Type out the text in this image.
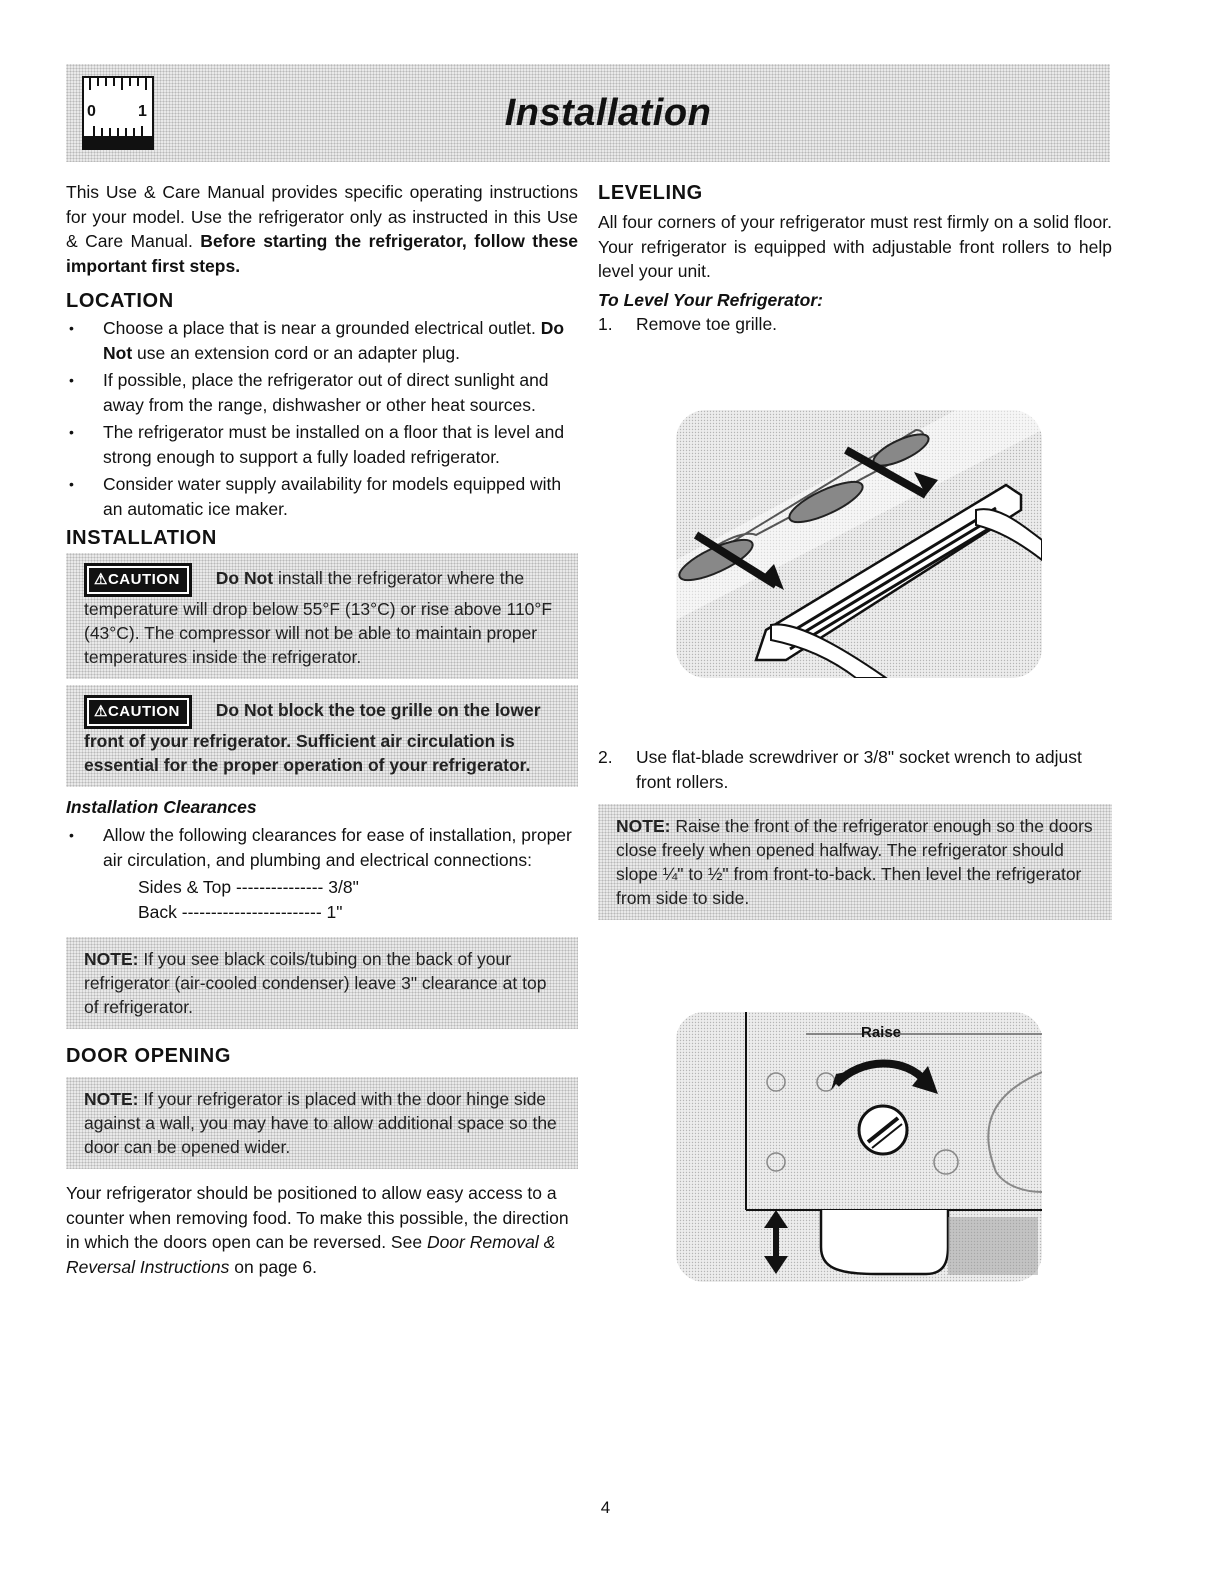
0	1	Installation

This Use & Care Manual provides specific operating instructions for your model. Use the refrigerator only as instructed in this Use & Care Manual. Before starting the refrigerator, follow these important first steps.

LOCATION
• Choose a place that is near a grounded electrical outlet. Do Not use an extension cord or an adapter plug.
• If possible, place the refrigerator out of direct sunlight and away from the range, dishwasher or other heat sources.
• The refrigerator must be installed on a floor that is level and strong enough to support a fully loaded refrigerator.
• Consider water supply availability for models equipped with an automatic ice maker.
INSTALLATION
⚠CAUTION Do Not install the refrigerator where the temperature will drop below 55°F (13°C) or rise above 110°F (43°C). The compressor will not be able to maintain proper temperatures inside the refrigerator.
⚠CAUTION Do Not block the toe grille on the lower front of your refrigerator. Sufficient air circulation is essential for the proper operation of your refrigerator.
Installation Clearances
• Allow the following clearances for ease of installation, proper air circulation, and plumbing and electrical connections:
Sides & Top --------------- 3/8"
Back ------------------------ 1"
NOTE: If you see black coils/tubing on the back of your refrigerator (air-cooled condenser) leave 3" clearance at top of refrigerator.
DOOR OPENING
NOTE: If your refrigerator is placed with the door hinge side against a wall, you may have to allow additional space so the door can be opened wider.

Your refrigerator should be positioned to allow easy access to a counter when removing food. To make this possible, the direction in which the doors open can be reversed. See Door Removal & Reversal Instructions on page 6.

LEVELING

All four corners of your refrigerator must rest firmly on a solid floor. Your refrigerator is equipped with adjustable front rollers to help level your unit.

To Level Your Refrigerator:
1. Remove toe grille.
2. Use flat-blade screwdriver or 3/8" socket wrench to adjust front rollers.
NOTE: Raise the front of the refrigerator enough so the doors close freely when opened halfway. The refrigerator should slope ¼" to ½" from front-to-back. Then level the refrigerator from side to side.
Raise
4
